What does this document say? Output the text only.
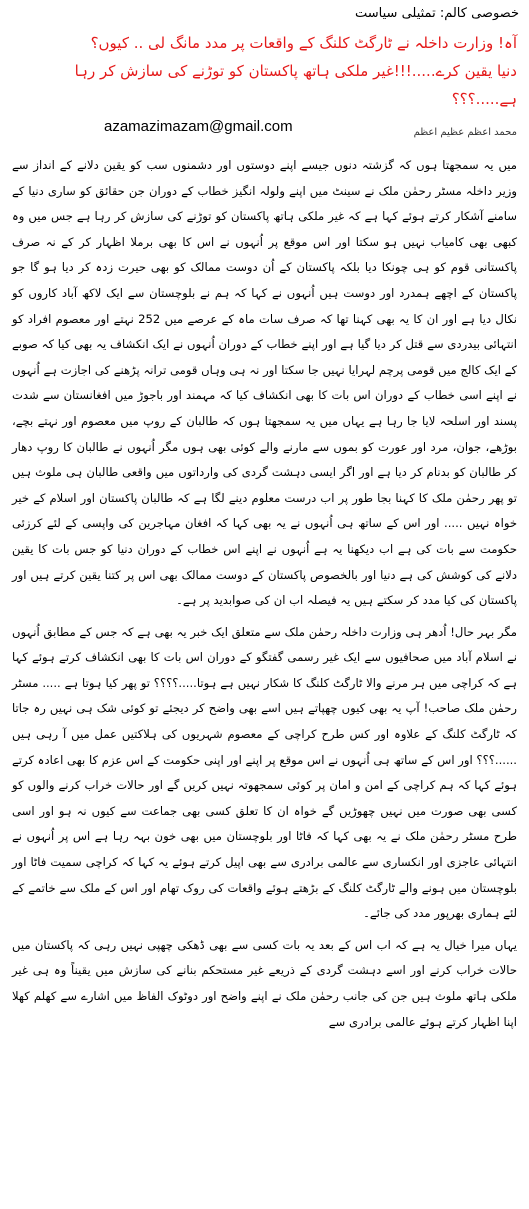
خصوصی کالم: تمثیلی سیاست
آہ! وزارت داخلہ نے ٹارگٹ کلنگ کے واقعات پر مدد مانگ لی .. کیوں؟
دنیا یقین کرے.....!!!غیر ملکی ہاتھ پاکستان کو توڑنے کی سازش کر رہا ہے.....؟؟؟
azamazimazam@gmail.com	محمد اعظم عظیم اعظم

میں یہ سمجھتا ہوں کہ گزشتہ دنوں جیسے اپنے دوستوں اور دشمنوں سب کو یقین دلانے کے انداز سے وزیر داخلہ مسٹر رحمٰن ملک نے سینٹ میں اپنے ولولہ انگیز خطاب کے دوران جن حقائق کو ساری دنیا کے سامنے آشکار کرتے ہوئے کہا ہے کہ غیر ملکی ہاتھ پاکستان کو توڑنے کی سازش کر رہا ہے جس میں وہ کبھی بھی کامیاب نہیں ہو سکتا اور اس موقع پر اُنہوں نے اس کا بھی برملا اظہار کر کے نہ صرف پاکستانی قوم کو ہی چونکا دیا بلکہ پاکستان کے اُن دوست ممالک کو بھی حیرت زدہ کر دیا ہو گا جو پاکستان کے اچھے ہمدرد اور دوست ہیں اُنہوں نے کہا کہ ہم نے بلوچستان سے ایک لاکھ آباد کاروں کو نکال دیا ہے اور ان کا یہ بھی کہنا تھا کہ صرف سات ماہ کے عرصے میں 252 نہتے اور معصوم افراد کو انتہائی بیدردی سے قتل کر دیا گیا ہے اور اپنے خطاب کے دوران اُنہوں نے ایک انکشاف یہ بھی کیا کہ صوبے کے ایک کالج میں قومی پرچم لہرایا نہیں جا سکتا اور نہ ہی وہاں قومی ترانہ پڑھنے کی اجازت ہے اُنہوں نے اپنے اسی خطاب کے دوران اس بات کا بھی انکشاف کیا کہ مہمند اور باجوڑ میں افغانستان سے شدت پسند اور اسلحہ لایا جا رہا ہے یہاں میں یہ سمجھتا ہوں کہ طالبان کے روپ میں معصوم اور نہتے بچے، بوڑھے، جوان، مرد اور عورت کو بموں سے مارنے والے کوئی بھی ہوں مگر اُنہوں نے طالبان کا روپ دھار کر طالبان کو بدنام کر دیا ہے اور اگر ایسی دہشت گردی کی وارداتوں میں واقعی طالبان ہی ملوث ہیں تو پھر رحمٰن ملک کا کہنا بجا طور پر اب درست معلوم دینے لگا ہے کہ طالبان پاکستان اور اسلام کے خیر خواہ نہیں ..... اور اس کے ساتھ ہی اُنہوں نے یہ بھی کہا کہ افغان مہاجرین کی واپسی کے لئے کرزئی حکومت سے بات کی ہے اب دیکھنا یہ ہے اُنہوں نے اپنے اس خطاب کے دوران دنیا کو جس بات کا یقین دلانے کی کوشش کی ہے دنیا اور بالخصوص پاکستان کے دوست ممالک بھی اس پر کتنا یقین کرتے ہیں اور پاکستان کی کیا مدد کر سکتے ہیں یہ فیصلہ اب ان کی صوابدید پر ہے۔

مگر بہر حال! اُدھر ہی وزارت داخلہ رحمٰن ملک سے متعلق ایک خبر یہ بھی ہے کہ جس کے مطابق اُنہوں نے اسلام آباد میں صحافیوں سے ایک غیر رسمی گفتگو کے دوران اس بات کا بھی انکشاف کرتے ہوئے کہا ہے کہ کراچی میں ہر مرنے والا ٹارگٹ کلنگ کا شکار نہیں ہے ہوتا.....؟؟؟؟ تو پھر کیا ہوتا ہے ..... مسٹر رحمٰن ملک صاحب! آپ یہ بھی کیوں چھپاتے ہیں اسے بھی واضح کر دیجئے تو کوئی شک ہی نہیں رہ جاتا کہ ٹارگٹ کلنگ کے علاوہ اور کس طرح کراچی کے معصوم شہریوں کی ہلاکتیں عمل میں آ رہی ہیں ......؟؟؟ اور اس کے ساتھ ہی اُنہوں نے اس موقع پر اپنے اور اپنی حکومت کے اس عزم کا بھی اعادہ کرتے ہوئے کہا کہ ہم کراچی کے امن و امان پر کوئی سمجھوتہ نہیں کریں گے اور حالات خراب کرنے والوں کو کسی بھی صورت میں نہیں چھوڑیں گے خواہ ان کا تعلق کسی بھی جماعت سے کیوں نہ ہو اور اسی طرح مسٹر رحمٰن ملک نے یہ بھی کہا کہ فاٹا اور بلوچستان میں بھی خون بہہ رہا ہے اس پر اُنہوں نے انتہائی عاجزی اور انکساری سے عالمی برادری سے بھی اپیل کرتے ہوئے یہ کہا کہ کراچی سمیت فاٹا اور بلوچستان میں ہونے والے ٹارگٹ کلنگ کے بڑھتے ہوئے واقعات کی روک تھام اور اس کے ملک سے خاتمے کے لئے ہماری بھرپور مدد کی جائے۔

یہاں میرا خیال یہ ہے کہ اب اس کے بعد یہ بات کسی سے بھی ڈھکی چھپی نہیں رہی کہ پاکستان میں حالات خراب کرنے اور اسے دہشت گردی کے ذریعے غیر مستحکم بنانے کی سازش میں یقیناً وہ ہی غیر ملکی ہاتھ ملوث ہیں جن کی جانب رحمٰن ملک نے اپنے واضح اور دوٹوک الفاظ میں اشارے سے کھلم کھلا اپنا اظہار کرتے ہوئے عالمی برادری سے
